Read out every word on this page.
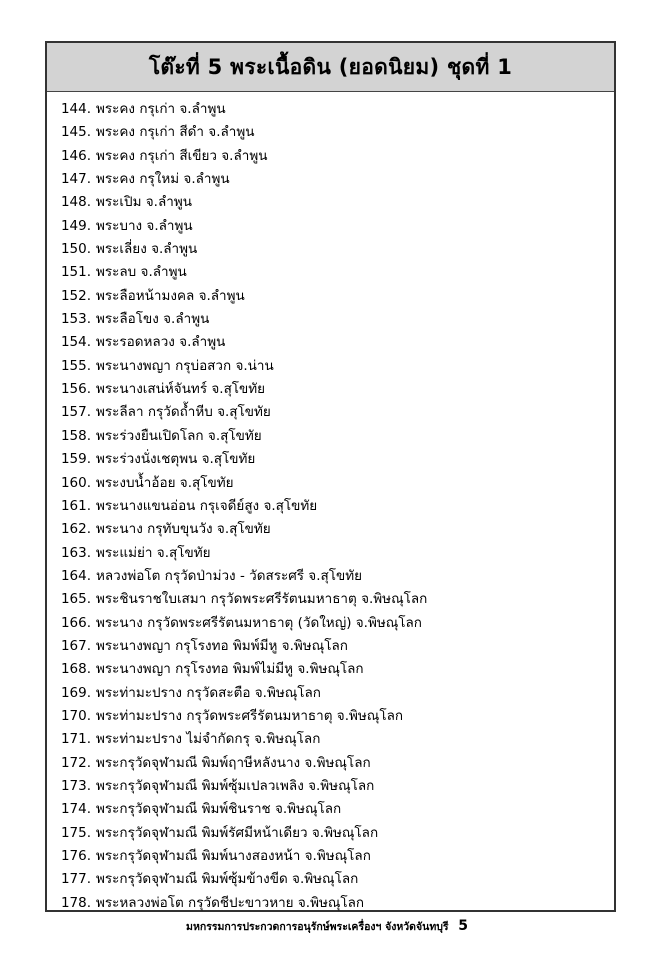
โต๊ะที่ 5 พระเนื้อดิน (ยอดนิยม) ชุดที่ 1
144. พระคง กรุเก่า จ.ลำพูน
145. พระคง กรุเก่า สีดำ จ.ลำพูน
146. พระคง กรุเก่า สีเขียว จ.ลำพูน
147. พระคง กรุใหม่ จ.ลำพูน
148. พระเปิม จ.ลำพูน
149. พระบาง จ.ลำพูน
150. พระเลี่ยง จ.ลำพูน
151. พระลบ จ.ลำพูน
152. พระลือหน้ามงคล จ.ลำพูน
153. พระลือโขง จ.ลำพูน
154. พระรอดหลวง จ.ลำพูน
155. พระนางพญา กรุบ่อสวก จ.น่าน
156. พระนางเสน่ห์จันทร์ จ.สุโขทัย
157. พระลีลา กรุวัดถ้ำหีบ จ.สุโขทัย
158. พระร่วงยืนเปิดโลก จ.สุโขทัย
159. พระร่วงนั่งเชตุพน จ.สุโขทัย
160. พระงบน้ำอ้อย จ.สุโขทัย
161. พระนางแขนอ่อน กรุเจดีย์สูง จ.สุโขทัย
162. พระนาง กรุทับขุนวัง จ.สุโขทัย
163. พระแม่ย่า จ.สุโขทัย
164. หลวงพ่อโต กรุวัดป่าม่วง - วัดสระศรี จ.สุโขทัย
165. พระชินราชใบเสมา กรุวัดพระศรีรัตนมหาธาตุ จ.พิษณุโลก
166. พระนาง กรุวัดพระศรีรัตนมหาธาตุ (วัดใหญ่) จ.พิษณุโลก
167. พระนางพญา กรุโรงทอ พิมพ์มีหู จ.พิษณุโลก
168. พระนางพญา กรุโรงทอ พิมพ์ไม่มีหู จ.พิษณุโลก
169. พระท่ามะปราง กรุวัดสะตือ จ.พิษณุโลก
170. พระท่ามะปราง กรุวัดพระศรีรัตนมหาธาตุ จ.พิษณุโลก
171. พระท่ามะปราง ไม่จำกัดกรุ จ.พิษณุโลก
172. พระกรุวัดจุฬามณี พิมพ์ฤาษีหลังนาง จ.พิษณุโลก
173. พระกรุวัดจุฬามณี พิมพ์ซุ้มเปลวเพลิง จ.พิษณุโลก
174. พระกรุวัดจุฬามณี พิมพ์ชินราช จ.พิษณุโลก
175. พระกรุวัดจุฬามณี พิมพ์รัศมีหน้าเดียว จ.พิษณุโลก
176. พระกรุวัดจุฬามณี พิมพ์นางสองหน้า จ.พิษณุโลก
177. พระกรุวัดจุฬามณี พิมพ์ซุ้มข้างขีด จ.พิษณุโลก
178. พระหลวงพ่อโต กรุวัดชีปะขาวหาย จ.พิษณุโลก
มหกรรมการประกวดการอนุรักษ์พระเครื่องฯ จังหวัดจันทบุรี 5
